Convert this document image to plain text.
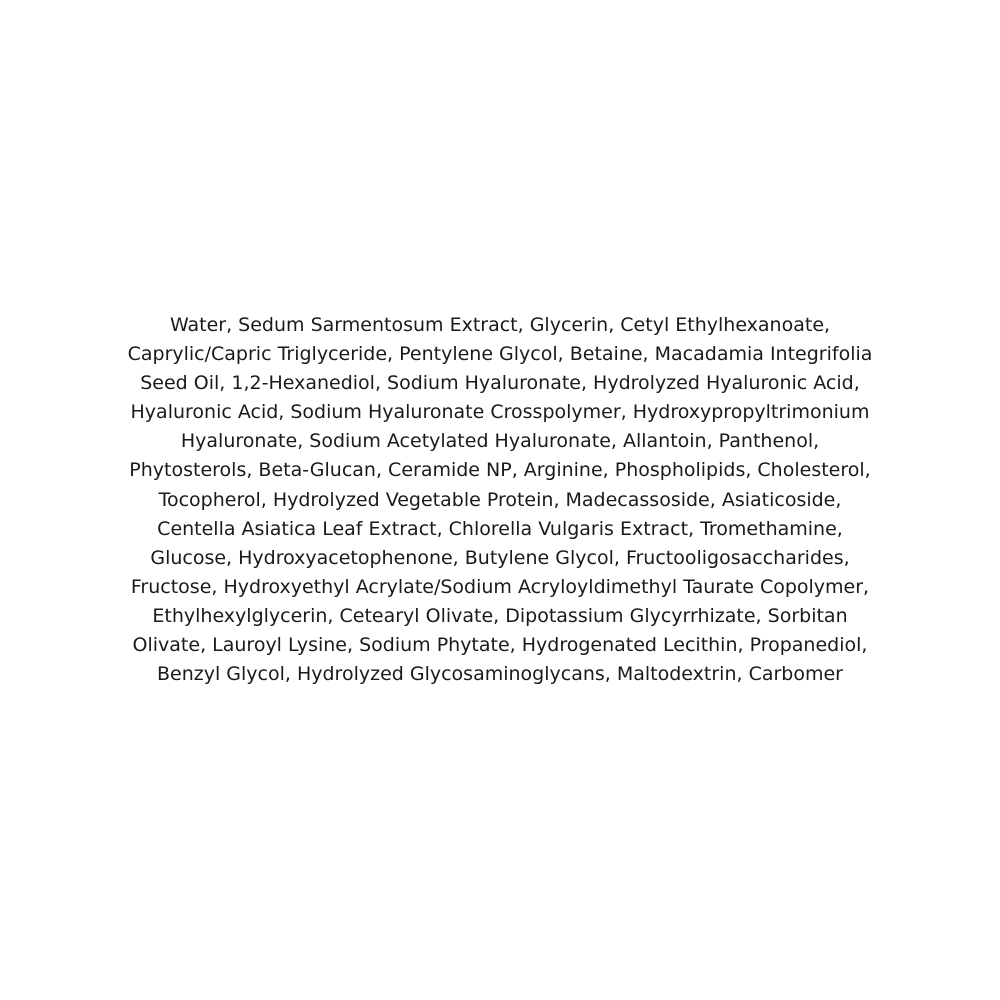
Water, Sedum Sarmentosum Extract, Glycerin, Cetyl Ethylhexanoate,
Caprylic/Capric Triglyceride, Pentylene Glycol, Betaine, Macadamia Integrifolia
Seed Oil, 1,2-Hexanediol, Sodium Hyaluronate, Hydrolyzed Hyaluronic Acid,
Hyaluronic Acid, Sodium Hyaluronate Crosspolymer, Hydroxypropyltrimonium
Hyaluronate, Sodium Acetylated Hyaluronate, Allantoin, Panthenol,
Phytosterols, Beta-Glucan, Ceramide NP, Arginine, Phospholipids, Cholesterol,
Tocopherol, Hydrolyzed Vegetable Protein, Madecassoside, Asiaticoside,
Centella Asiatica Leaf Extract, Chlorella Vulgaris Extract, Tromethamine,
Glucose, Hydroxyacetophenone, Butylene Glycol, Fructooligosaccharides,
Fructose, Hydroxyethyl Acrylate/Sodium Acryloyldimethyl Taurate Copolymer,
Ethylhexylglycerin, Cetearyl Olivate, Dipotassium Glycyrrhizate, Sorbitan
Olivate, Lauroyl Lysine, Sodium Phytate, Hydrogenated Lecithin, Propanediol,
Benzyl Glycol, Hydrolyzed Glycosaminoglycans, Maltodextrin, Carbomer
